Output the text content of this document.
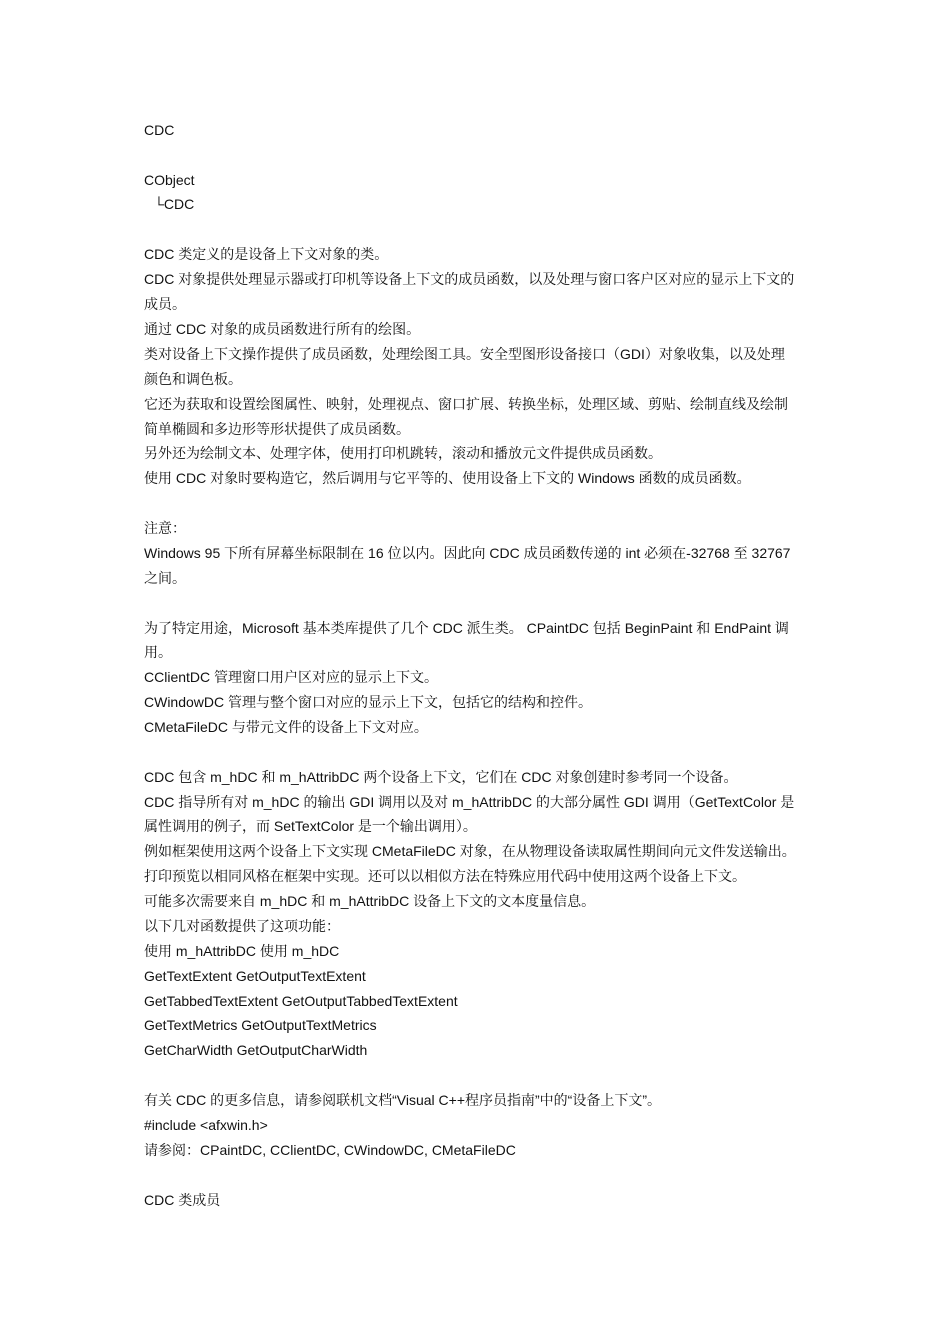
CDC
CObject
└CDC
CDC 类定义的是设备上下文对象的类。
CDC 对象提供处理显示器或打印机等设备上下文的成员函数，以及处理与窗口客户区对应的显示上下文的
成员。
通过 CDC 对象的成员函数进行所有的绘图。
类对设备上下文操作提供了成员函数，处理绘图工具。安全型图形设备接口（GDI）对象收集，以及处理
颜色和调色板。
它还为获取和设置绘图属性、映射，处理视点、窗口扩展、转换坐标，处理区域、剪贴、绘制直线及绘制
简单椭圆和多边形等形状提供了成员函数。
另外还为绘制文本、处理字体，使用打印机跳转，滚动和播放元文件提供成员函数。
使用 CDC 对象时要构造它，然后调用与它平等的、使用设备上下文的 Windows 函数的成员函数。
注意：
Windows 95 下所有屏幕坐标限制在 16 位以内。因此向 CDC 成员函数传递的 int 必须在-32768 至 32767
之间。
为了特定用途，Microsoft 基本类库提供了几个 CDC 派生类。 CPaintDC 包括 BeginPaint 和 EndPaint 调
用。
CClientDC 管理窗口用户区对应的显示上下文。
CWindowDC 管理与整个窗口对应的显示上下文，包括它的结构和控件。
CMetaFileDC 与带元文件的设备上下文对应。
CDC 包含 m_hDC 和 m_hAttribDC 两个设备上下文，它们在 CDC 对象创建时参考同一个设备。
CDC 指导所有对 m_hDC 的输出 GDI 调用以及对 m_hAttribDC 的大部分属性 GDI 调用（GetTextColor 是
属性调用的例子，而 SetTextColor 是一个输出调用）。
例如框架使用这两个设备上下文实现 CMetaFileDC 对象，在从物理设备读取属性期间向元文件发送输出。
打印预览以相同风格在框架中实现。还可以以相似方法在特殊应用代码中使用这两个设备上下文。
可能多次需要来自 m_hDC 和 m_hAttribDC 设备上下文的文本度量信息。
以下几对函数提供了这项功能：
使用 m_hAttribDC 使用 m_hDC
GetTextExtent GetOutputTextExtent
GetTabbedTextExtent GetOutputTabbedTextExtent
GetTextMetrics GetOutputTextMetrics
GetCharWidth GetOutputCharWidth
有关 CDC 的更多信息，请参阅联机文档“Visual C++程序员指南”中的“设备上下文”。
#include <afxwin.h>
请参阅：CPaintDC, CClientDC, CWindowDC, CMetaFileDC
CDC 类成员
